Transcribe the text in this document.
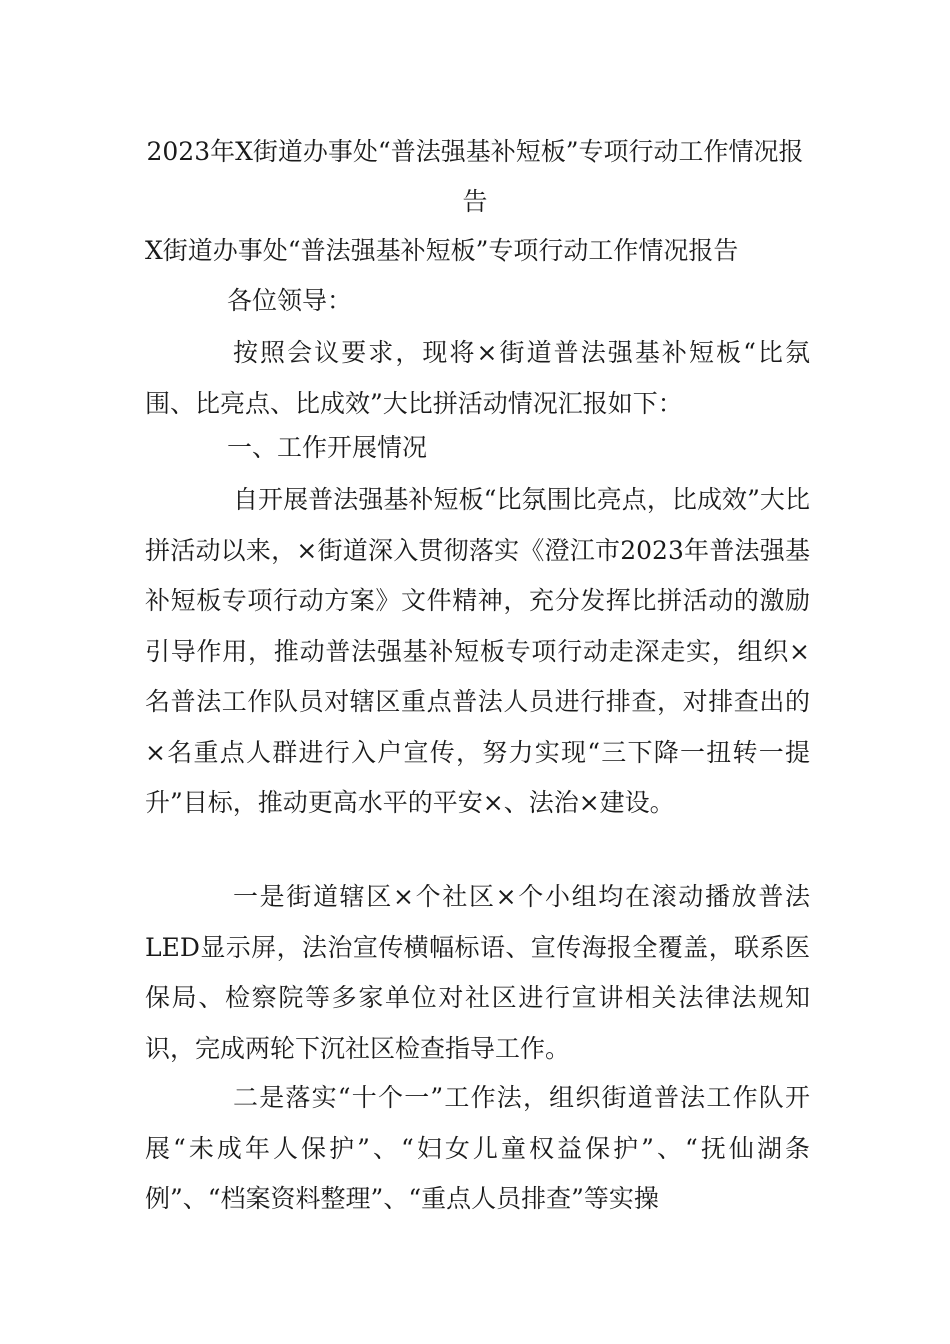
2023年X街道办事处“普法强基补短板”专项行动工作情况报告
X街道办事处“普法强基补短板”专项行动工作情况报告

各位领导：

按照会议要求，现将×街道普法强基补短板“比氛围、比亮点、比成效”大比拼活动情况汇报如下：

一、工作开展情况

自开展普法强基补短板“比氛围比亮点，比成效”大比拼活动以来，×街道深入贯彻落实《澄江市2023年普法强基补短板专项行动方案》文件精神，充分发挥比拼活动的激励引导作用，推动普法强基补短板专项行动走深走实，组织×名普法工作队员对辖区重点普法人员进行排查，对排查出的×名重点人群进行入户宣传，努力实现“三下降一扭转一提升”目标，推动更高水平的平安×、法治×建设。

一是街道辖区×个社区×个小组均在滚动播放普法LED显示屏，法治宣传横幅标语、宣传海报全覆盖，联系医保局、检察院等多家单位对社区进行宣讲相关法律法规知识，完成两轮下沉社区检查指导工作。

二是落实“十个一”工作法，组织街道普法工作队开展“未成年人保护”、“妇女儿童权益保护”、“抚仙湖条例”、“档案资料整理”、“重点人员排查”等实操
